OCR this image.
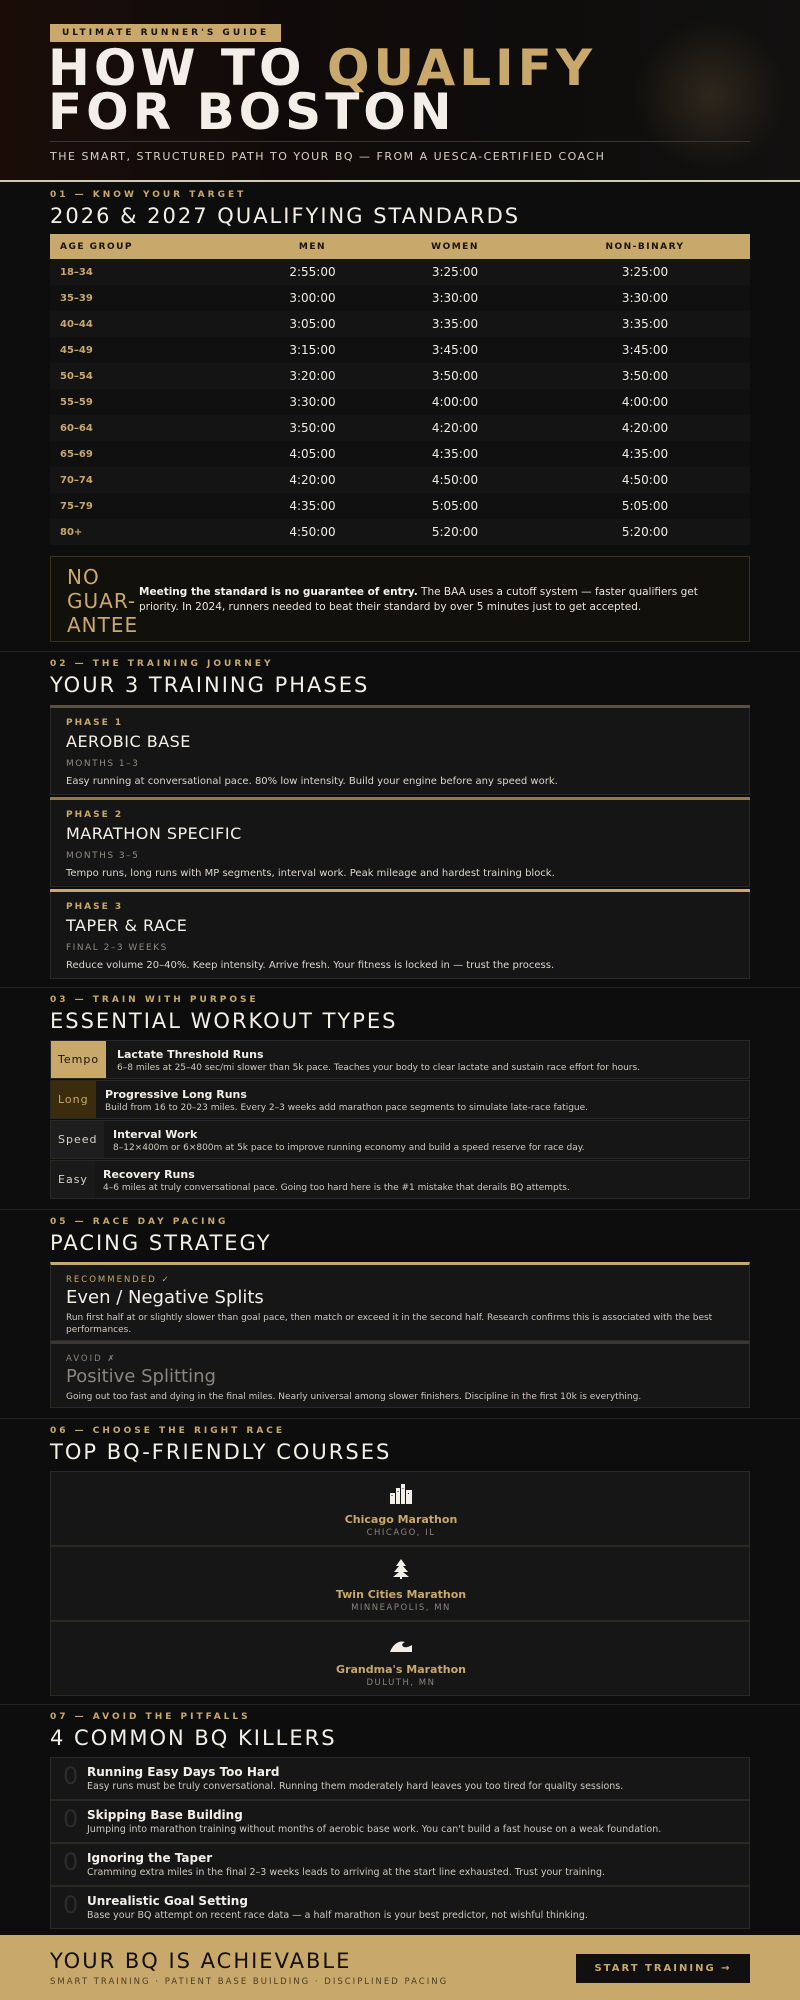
ULTIMATE RUNNER'S GUIDE
HOW TO QUALIFY
FOR BOSTON
THE SMART, STRUCTURED PATH TO YOUR BQ — FROM A UESCA-CERTIFIED COACH
01 — KNOW YOUR TARGET
2026 & 2027 QUALIFYING STANDARDS
AGE GROUP	MEN	WOMEN	NON-BINARY
18–34	2:55:00	3:25:00	3:25:00
35–39	3:00:00	3:30:00	3:30:00
40–44	3:05:00	3:35:00	3:35:00
45–49	3:15:00	3:45:00	3:45:00
50–54	3:20:00	3:50:00	3:50:00
55–59	3:30:00	4:00:00	4:00:00
60–64	3:50:00	4:20:00	4:20:00
65–69	4:05:00	4:35:00	4:35:00
70–74	4:20:00	4:50:00	4:50:00
75–79	4:35:00	5:05:00	5:05:00
80+	4:50:00	5:20:00	5:20:00
NO GUAR- ANTEE
Meeting the standard is no guarantee of entry. The BAA uses a cutoff system — faster qualifiers get priority. In 2024, runners needed to beat their standard by over 5 minutes just to get accepted.
02 — THE TRAINING JOURNEY
YOUR 3 TRAINING PHASES
PHASE 1
AEROBIC BASE
MONTHS 1–3
Easy running at conversational pace. 80% low intensity. Build your engine before any speed work.
PHASE 2
MARATHON SPECIFIC
MONTHS 3–5
Tempo runs, long runs with MP segments, interval work. Peak mileage and hardest training block.
PHASE 3
TAPER & RACE
FINAL 2–3 WEEKS
Reduce volume 20–40%. Keep intensity. Arrive fresh. Your fitness is locked in — trust the process.
03 — TRAIN WITH PURPOSE
ESSENTIAL WORKOUT TYPES
Tempo	Lactate Threshold Runs
6–8 miles at 25–40 sec/mi slower than 5k pace. Teaches your body to clear lactate and sustain race effort for hours.
Long	Progressive Long Runs
Build from 16 to 20–23 miles. Every 2–3 weeks add marathon pace segments to simulate late-race fatigue.
Speed	Interval Work
8–12×400m or 6×800m at 5k pace to improve running economy and build a speed reserve for race day.
Easy	Recovery Runs
4–6 miles at truly conversational pace. Going too hard here is the #1 mistake that derails BQ attempts.
05 — RACE DAY PACING
PACING STRATEGY
RECOMMENDED ✓
Even / Negative Splits
Run first half at or slightly slower than goal pace, then match or exceed it in the second half. Research confirms this is associated with the best performances.
AVOID ✗
Positive Splitting
Going out too fast and dying in the final miles. Nearly universal among slower finishers. Discipline in the first 10k is everything.
06 — CHOOSE THE RIGHT RACE
TOP BQ-FRIENDLY COURSES
Chicago Marathon
CHICAGO, IL
Twin Cities Marathon
MINNEAPOLIS, MN
Grandma's Marathon
DULUTH, MN
07 — AVOID THE PITFALLS
4 COMMON BQ KILLERS
0 Running Easy Days Too Hard
Easy runs must be truly conversational. Running them moderately hard leaves you too tired for quality sessions.
0 Skipping Base Building
Jumping into marathon training without months of aerobic base work. You can't build a fast house on a weak foundation.
0 Ignoring the Taper
Cramming extra miles in the final 2–3 weeks leads to arriving at the start line exhausted. Trust your training.
0 Unrealistic Goal Setting
Base your BQ attempt on recent race data — a half marathon is your best predictor, not wishful thinking.
YOUR BQ IS ACHIEVABLE
SMART TRAINING · PATIENT BASE BUILDING · DISCIPLINED PACING
START TRAINING →
